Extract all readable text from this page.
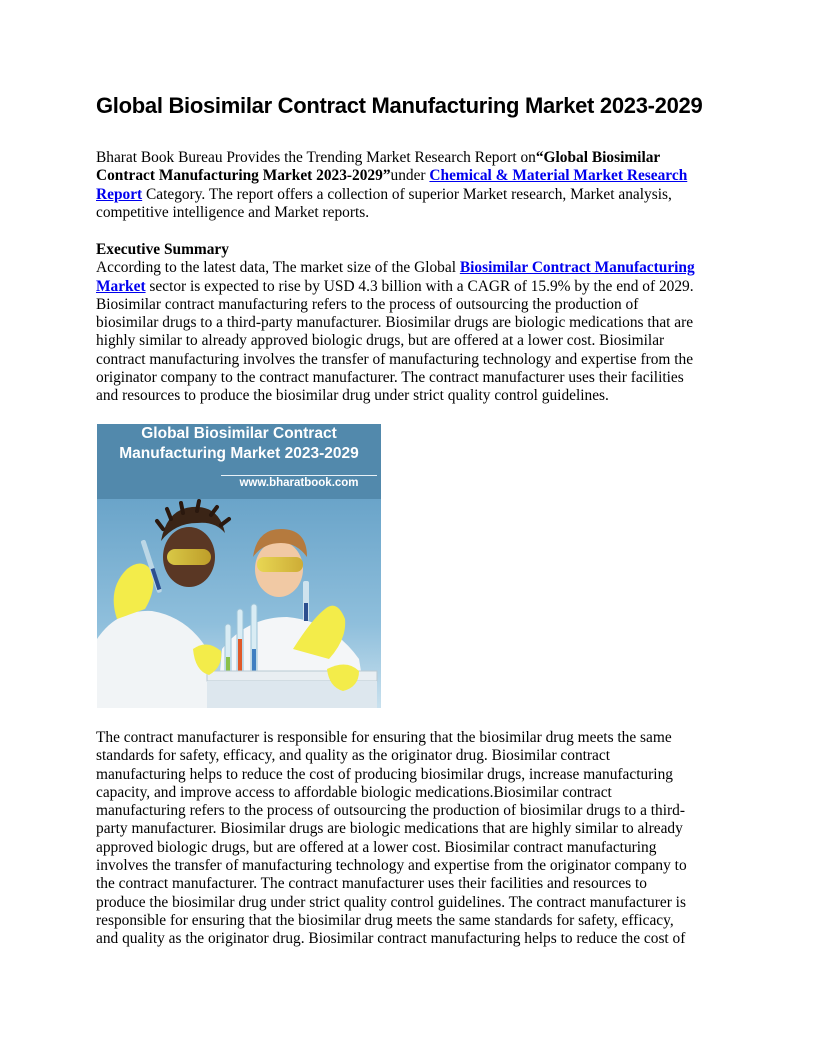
Global Biosimilar Contract Manufacturing Market 2023-2029
Bharat Book Bureau Provides the Trending Market Research Report on“Global Biosimilar
Contract Manufacturing Market 2023-2029”under Chemical & Material Market Research
Report Category. The report offers a collection of superior Market research, Market analysis,
competitive intelligence and Market reports.
Executive Summary
According to the latest data, The market size of the Global Biosimilar Contract Manufacturing
Market sector is expected to rise by USD 4.3 billion with a CAGR of 15.9% by the end of 2029.
Biosimilar contract manufacturing refers to the process of outsourcing the production of
biosimilar drugs to a third-party manufacturer. Biosimilar drugs are biologic medications that are
highly similar to already approved biologic drugs, but are offered at a lower cost. Biosimilar
contract manufacturing involves the transfer of manufacturing technology and expertise from the
originator company to the contract manufacturer. The contract manufacturer uses their facilities
and resources to produce the biosimilar drug under strict quality control guidelines.
Global Biosimilar Contract
Manufacturing Market 2023-2029
www.bharatbook.com
The contract manufacturer is responsible for ensuring that the biosimilar drug meets the same
standards for safety, efficacy, and quality as the originator drug. Biosimilar contract
manufacturing helps to reduce the cost of producing biosimilar drugs, increase manufacturing
capacity, and improve access to affordable biologic medications.Biosimilar contract
manufacturing refers to the process of outsourcing the production of biosimilar drugs to a third-
party manufacturer. Biosimilar drugs are biologic medications that are highly similar to already
approved biologic drugs, but are offered at a lower cost. Biosimilar contract manufacturing
involves the transfer of manufacturing technology and expertise from the originator company to
the contract manufacturer. The contract manufacturer uses their facilities and resources to
produce the biosimilar drug under strict quality control guidelines. The contract manufacturer is
responsible for ensuring that the biosimilar drug meets the same standards for safety, efficacy,
and quality as the originator drug. Biosimilar contract manufacturing helps to reduce the cost of
